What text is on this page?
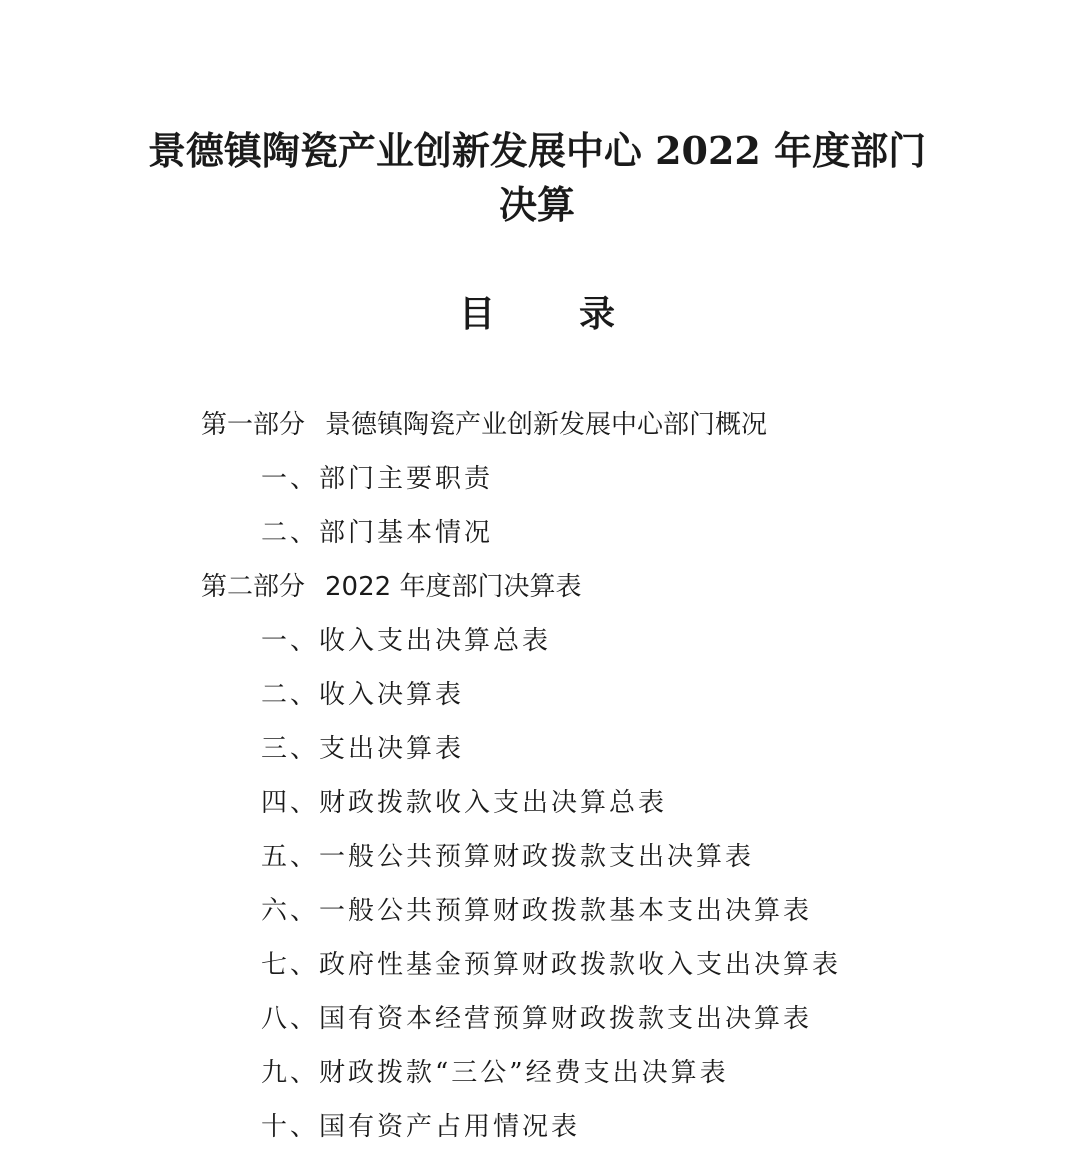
景德镇陶瓷产业创新发展中心 2022 年度部门
决算
目 录
第一部分 景德镇陶瓷产业创新发展中心部门概况
一、部门主要职责
二、部门基本情况
第二部分 2022 年度部门决算表
一、收入支出决算总表
二、收入决算表
三、支出决算表
四、财政拨款收入支出决算总表
五、一般公共预算财政拨款支出决算表
六、一般公共预算财政拨款基本支出决算表
七、政府性基金预算财政拨款收入支出决算表
八、国有资本经营预算财政拨款支出决算表
九、财政拨款“三公”经费支出决算表
十、国有资产占用情况表
